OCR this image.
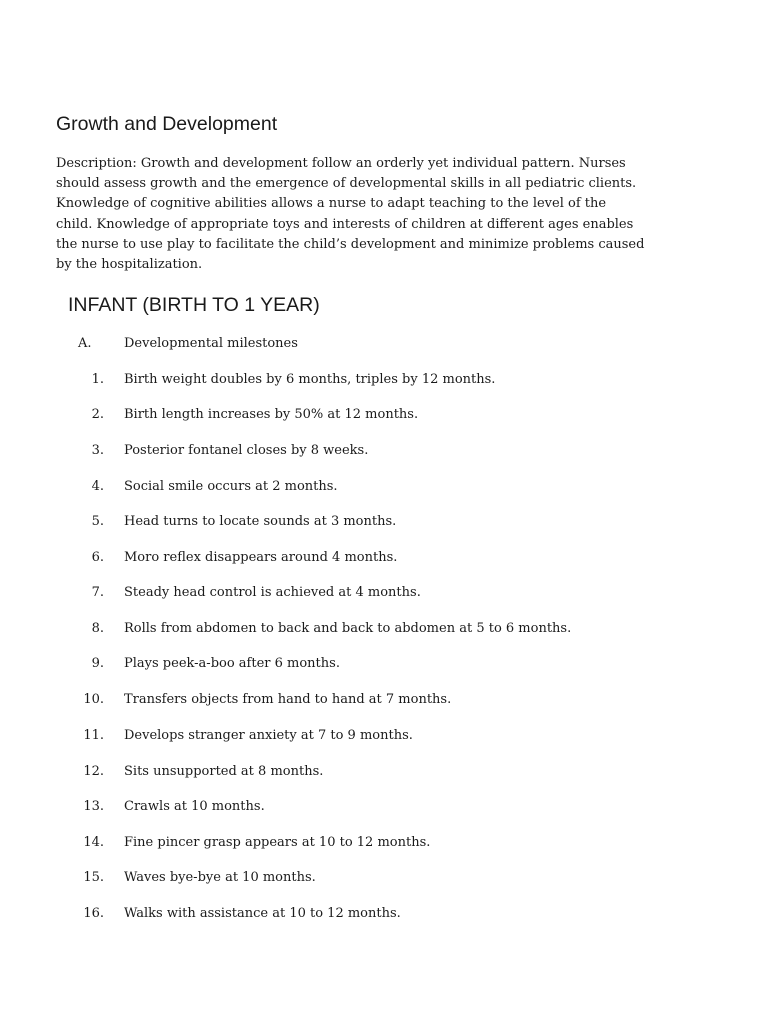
Growth and Development

Description: Growth and development follow an orderly yet individual pattern. Nurses
should assess growth and the emergence of developmental skills in all pediatric clients.
Knowledge of cognitive abilities allows a nurse to adapt teaching to the level of the
child. Knowledge of appropriate toys and interests of children at different ages enables
the nurse to use play to facilitate the child’s development and minimize problems caused
by the hospitalization.

INFANT (BIRTH TO 1 YEAR)
A. Developmental milestones
1. Birth weight doubles by 6 months, triples by 12 months.
2. Birth length increases by 50% at 12 months.
3. Posterior fontanel closes by 8 weeks.
4. Social smile occurs at 2 months.
5. Head turns to locate sounds at 3 months.
6. Moro reflex disappears around 4 months.
7. Steady head control is achieved at 4 months.
8. Rolls from abdomen to back and back to abdomen at 5 to 6 months.
9. Plays peek-a-boo after 6 months.
10. Transfers objects from hand to hand at 7 months.
11. Develops stranger anxiety at 7 to 9 months.
12. Sits unsupported at 8 months.
13. Crawls at 10 months.
14. Fine pincer grasp appears at 10 to 12 months.
15. Waves bye-bye at 10 months.
16. Walks with assistance at 10 to 12 months.
